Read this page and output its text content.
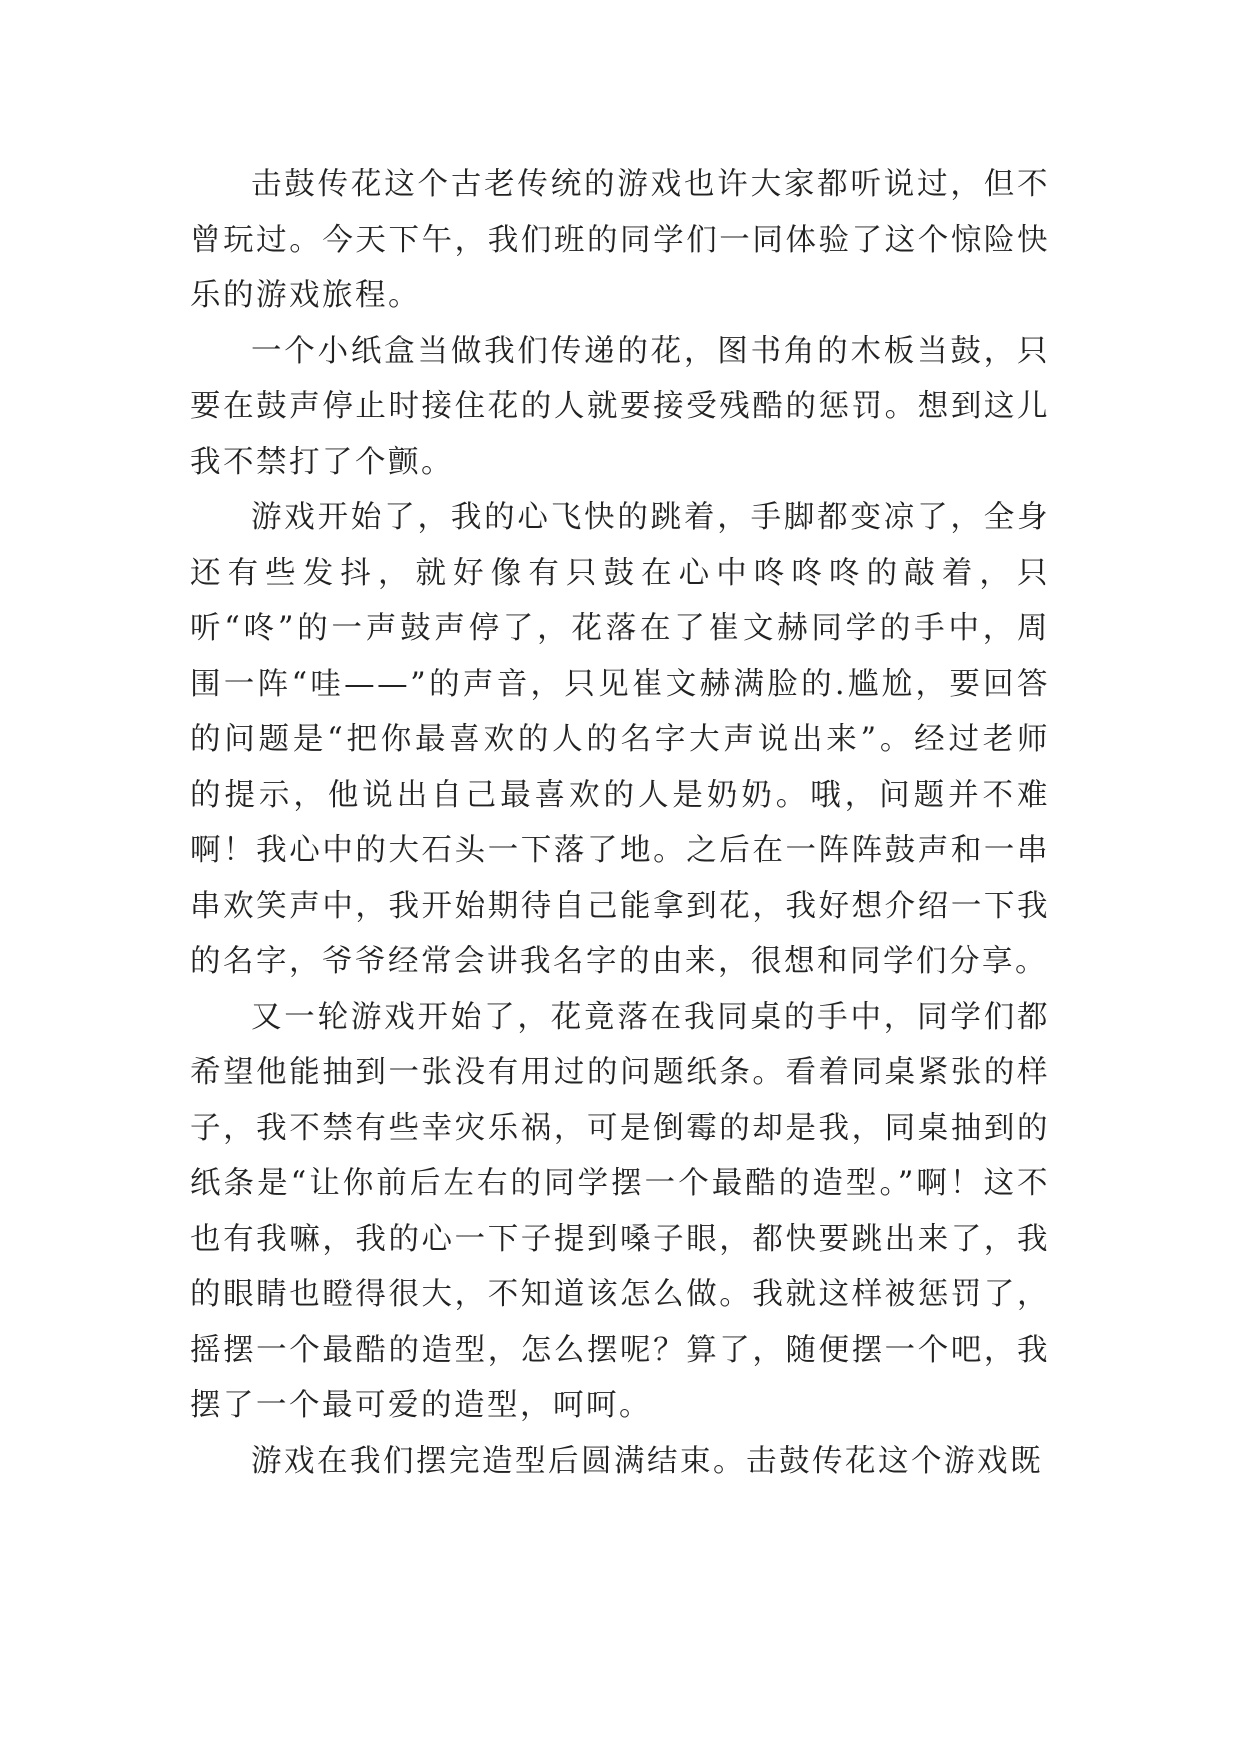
击鼓传花这个古老传统的游戏也许大家都听说过，但不曾玩过。今天下午，我们班的同学们一同体验了这个惊险快乐的游戏旅程。

一个小纸盒当做我们传递的花，图书角的木板当鼓，只要在鼓声停止时接住花的人就要接受残酷的惩罚。想到这儿我不禁打了个颤。

游戏开始了，我的心飞快的跳着，手脚都变凉了，全身还有些发抖，就好像有只鼓在心中咚咚咚的敲着，只听“咚”的一声鼓声停了，花落在了崔文赫同学的手中，周围一阵“哇——”的声音，只见崔文赫满脸的.尴尬，要回答的问题是“把你最喜欢的人的名字大声说出来”。经过老师的提示，他说出自己最喜欢的人是奶奶。哦，问题并不难啊！我心中的大石头一下落了地。之后在一阵阵鼓声和一串串欢笑声中，我开始期待自己能拿到花，我好想介绍一下我的名字，爷爷经常会讲我名字的由来，很想和同学们分享。

又一轮游戏开始了，花竟落在我同桌的手中，同学们都希望他能抽到一张没有用过的问题纸条。看着同桌紧张的样子，我不禁有些幸灾乐祸，可是倒霉的却是我，同桌抽到的纸条是“让你前后左右的同学摆一个最酷的造型。”啊！这不也有我嘛，我的心一下子提到嗓子眼，都快要跳出来了，我的眼睛也瞪得很大，不知道该怎么做。我就这样被惩罚了，摇摆一个最酷的造型，怎么摆呢？算了，随便摆一个吧，我摆了一个最可爱的造型，呵呵。

游戏在我们摆完造型后圆满结束。击鼓传花这个游戏既
